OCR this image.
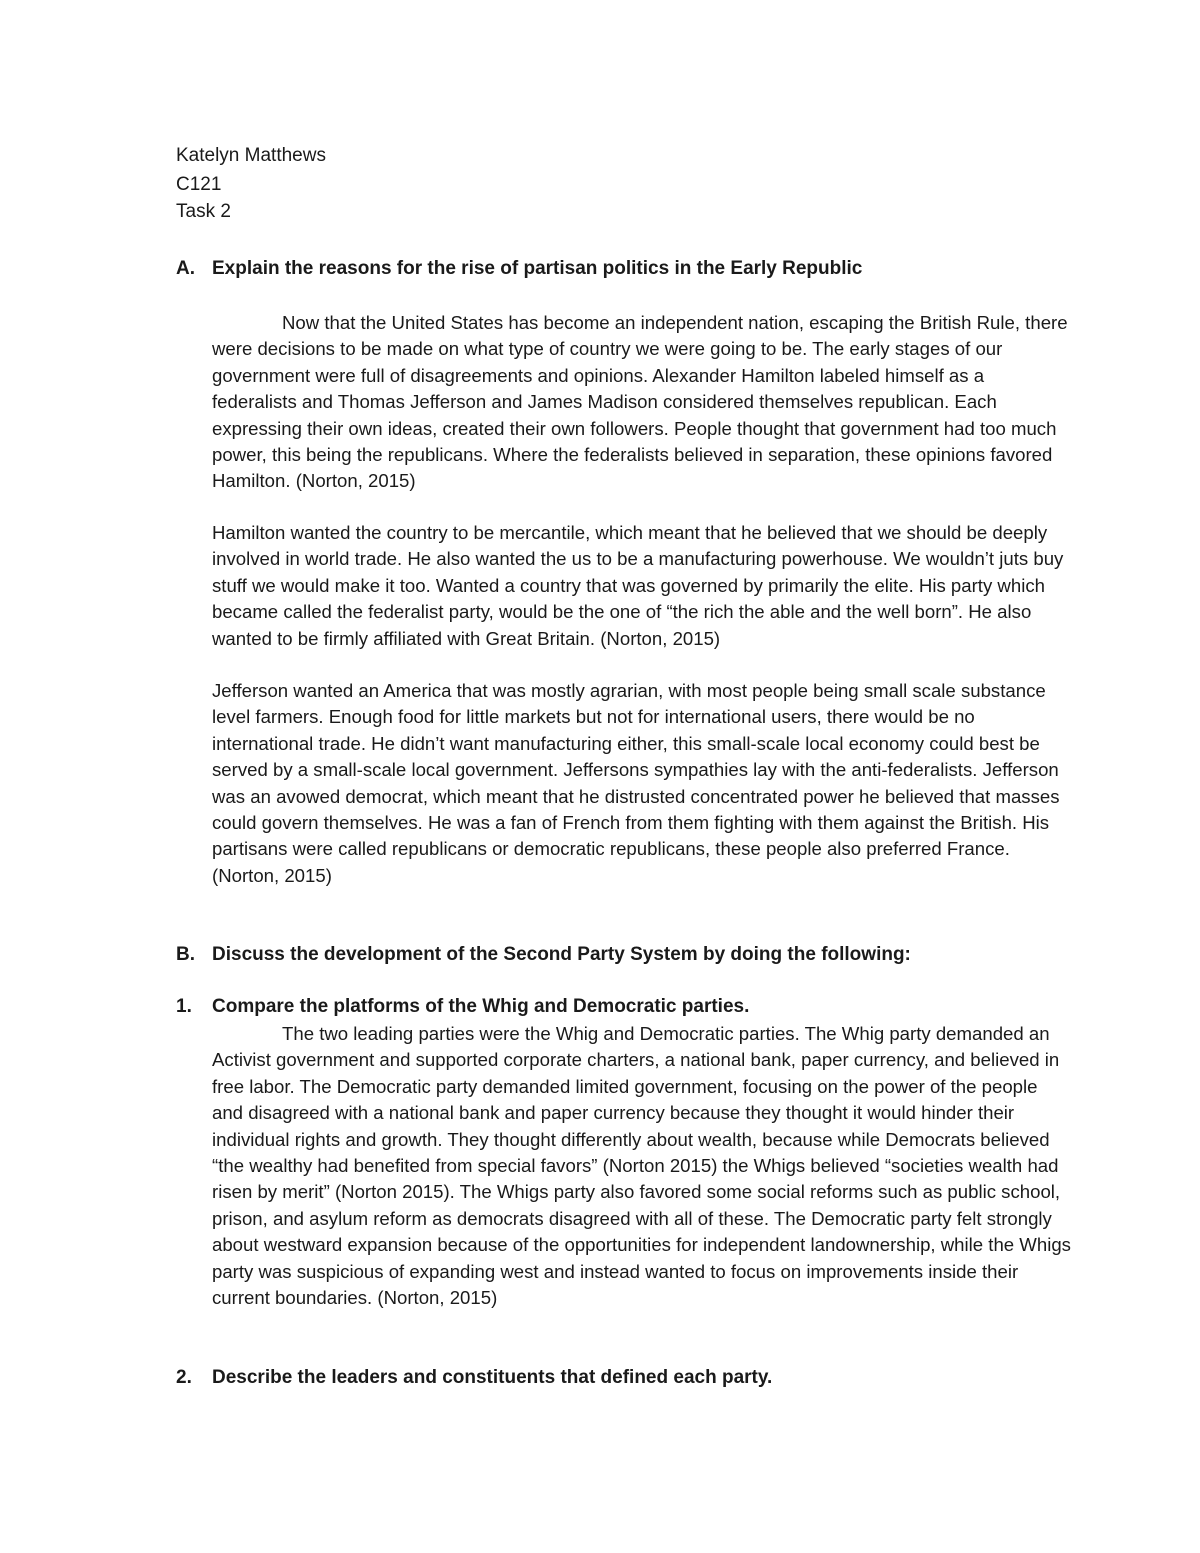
Katelyn Matthews
C121
Task 2
A. Explain the reasons for the rise of partisan politics in the Early Republic

Now that the United States has become an independent nation, escaping the British Rule, there were decisions to be made on what type of country we were going to be. The early stages of our government were full of disagreements and opinions. Alexander Hamilton labeled himself as a federalists and Thomas Jefferson and James Madison considered themselves republican. Each expressing their own ideas, created their own followers. People thought that government had too much power, this being the republicans. Where the federalists believed in separation, these opinions favored Hamilton. (Norton, 2015)

Hamilton wanted the country to be mercantile, which meant that he believed that we should be deeply involved in world trade. He also wanted the us to be a manufacturing powerhouse. We wouldn’t juts buy stuff we would make it too. Wanted a country that was governed by primarily the elite. His party which became called the federalist party, would be the one of “the rich the able and the well born”. He also wanted to be firmly affiliated with Great Britain. (Norton, 2015)

Jefferson wanted an America that was mostly agrarian, with most people being small scale substance level farmers. Enough food for little markets but not for international users, there would be no international trade. He didn’t want manufacturing either, this small-scale local economy could best be served by a small-scale local government. Jeffersons sympathies lay with the anti-federalists. Jefferson was an avowed democrat, which meant that he distrusted concentrated power he believed that masses could govern themselves. He was a fan of French from them fighting with them against the British. His partisans were called republicans or democratic republicans, these people also preferred France. (Norton, 2015)

B. Discuss the development of the Second Party System by doing the following:
1. Compare the platforms of the Whig and Democratic parties.

The two leading parties were the Whig and Democratic parties. The Whig party demanded an Activist government and supported corporate charters, a national bank, paper currency, and believed in free labor. The Democratic party demanded limited government, focusing on the power of the people and disagreed with a national bank and paper currency because they thought it would hinder their individual rights and growth. They thought differently about wealth, because while Democrats believed “the wealthy had benefited from special favors” (Norton 2015) the Whigs believed “societies wealth had risen by merit” (Norton 2015). The Whigs party also favored some social reforms such as public school, prison, and asylum reform as democrats disagreed with all of these. The Democratic party felt strongly about westward expansion because of the opportunities for independent landownership, while the Whigs party was suspicious of expanding west and instead wanted to focus on improvements inside their current boundaries. (Norton, 2015)

2. Describe the leaders and constituents that defined each party.
